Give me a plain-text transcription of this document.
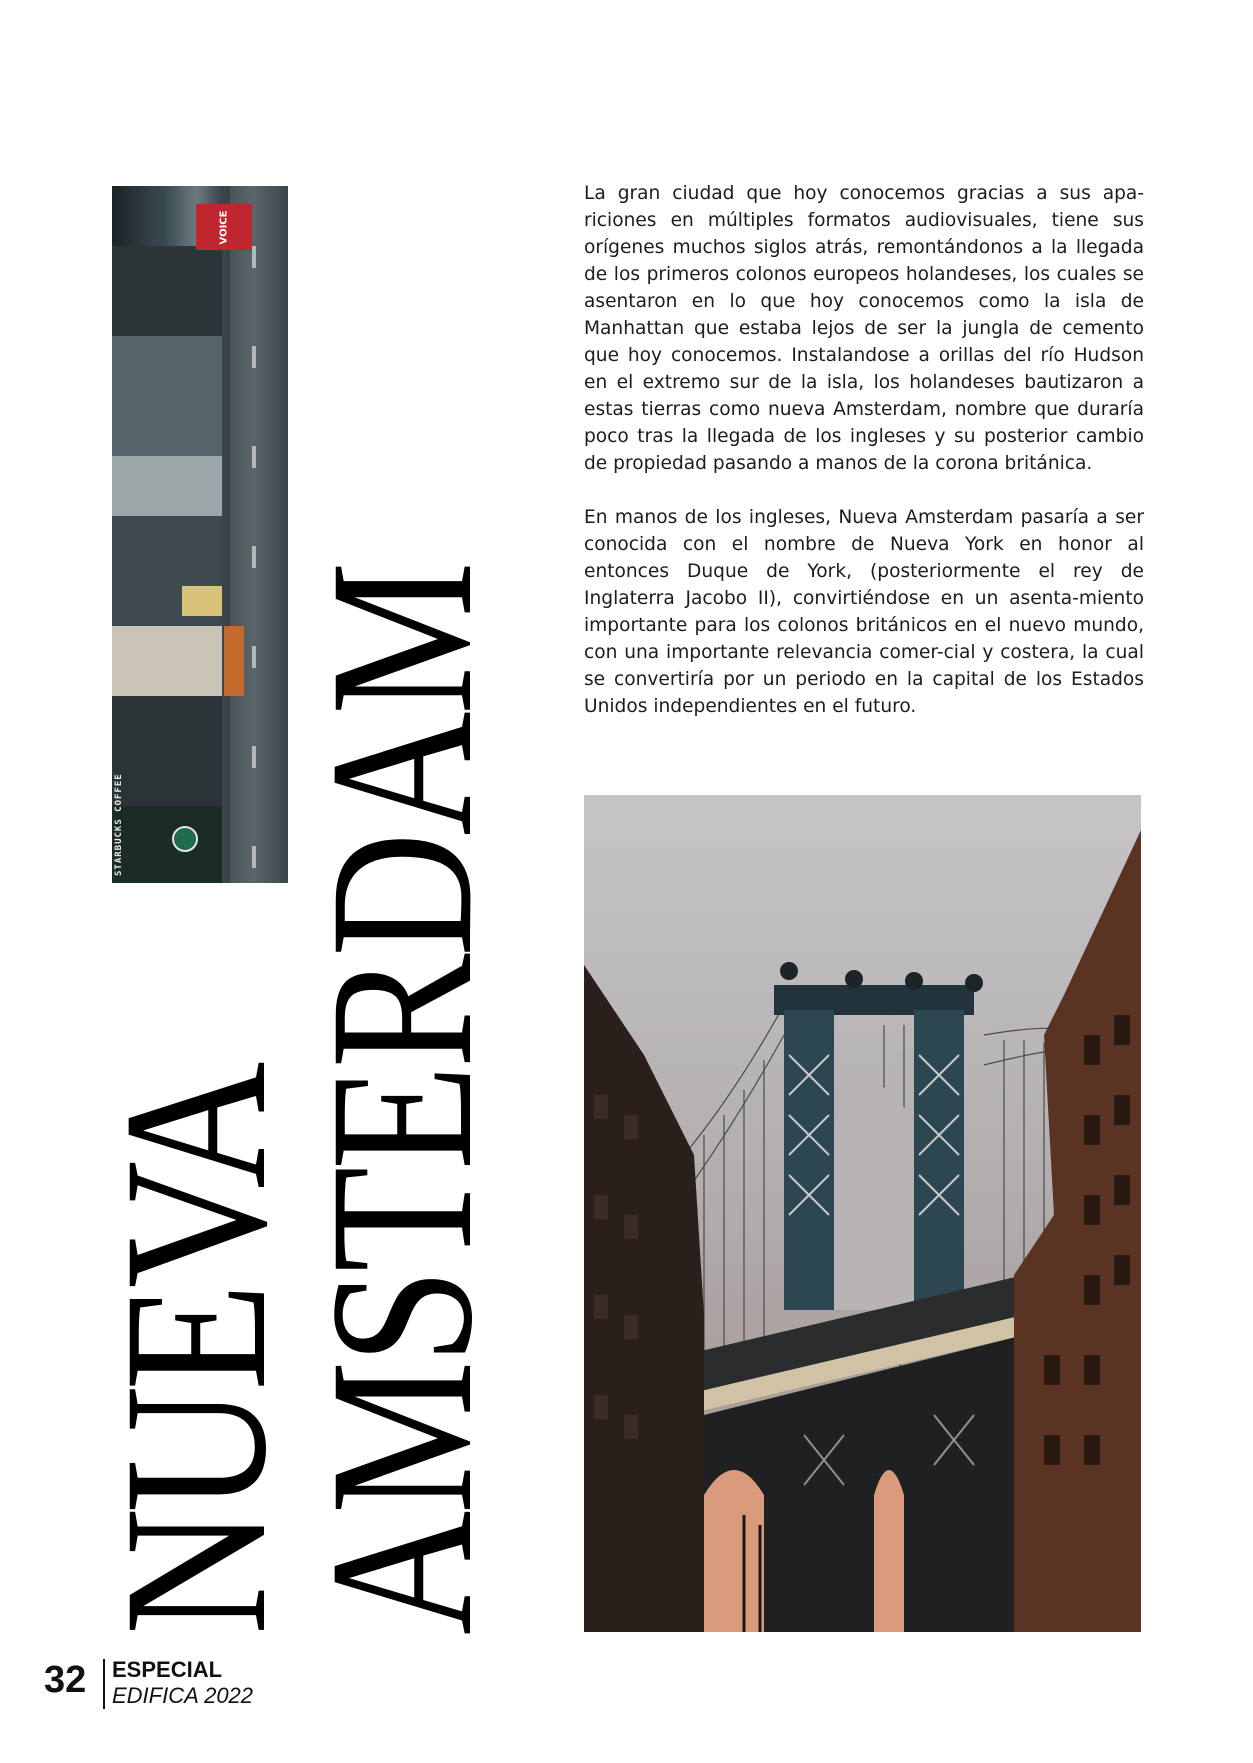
VOICE
STARBUCKS COFFEE
NUEVA
AMSTERDAM

La gran ciudad que hoy conocemos gracias a sus apa-riciones en múltiples formatos audiovisuales, tiene sus orígenes muchos siglos atrás, remontándonos a la llegada de los primeros colonos europeos holandeses, los cuales se asentaron en lo que hoy conocemos como la isla de Manhattan que estaba lejos de ser la jungla de cemento que hoy conocemos. Instalandose a orillas del río Hudson en el extremo sur de la isla, los holandeses bautizaron a estas tierras como nueva Amsterdam, nombre que duraría poco tras la llegada de los ingleses y su posterior cambio de propiedad pasando a manos de la corona británica.

En manos de los ingleses, Nueva Amsterdam pasaría a ser conocida con el nombre de Nueva York en honor al entonces Duque de York, (posteriormente el rey de Inglaterra Jacobo II), convirtiéndose en un asenta-miento importante para los colonos británicos en el nuevo mundo, con una importante relevancia comer-cial y costera, la cual se convertiría por un periodo en la capital de los Estados Unidos independientes en el futuro.

32 ESPECIAL
EDIFICA 2022
